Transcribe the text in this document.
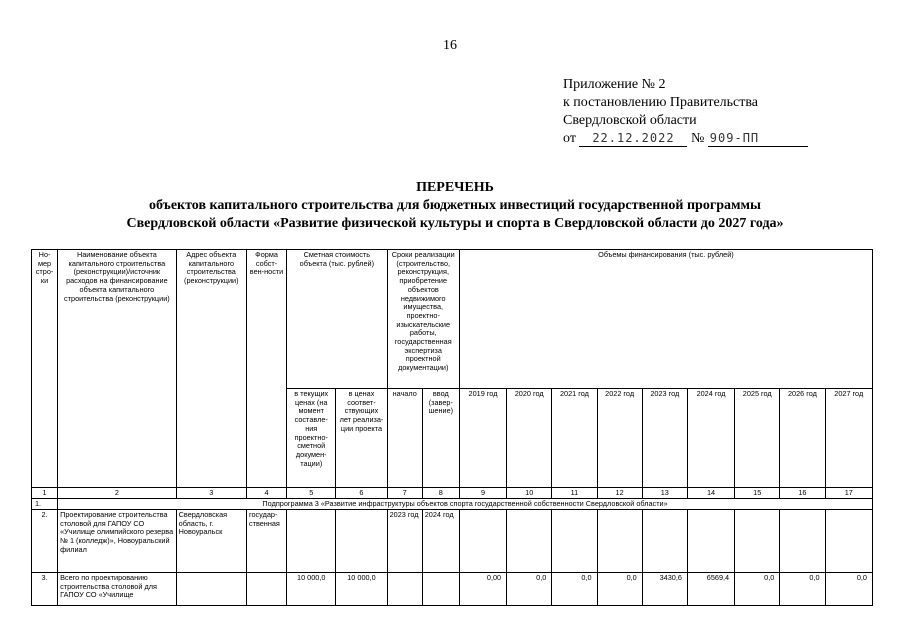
16
Приложение № 2
к постановлению Правительства
Свердловской области
от 22.12.2022 № 909-ПП
ПЕРЕЧЕНЬ
объектов капитального строительства для бюджетных инвестиций государственной программы
Свердловской области «Развитие физической культуры и спорта в Свердловской области до 2027 года»
Но-мер стро-ки	Наименование объекта капитального строительства (реконструкции)/источник расходов на финансирование объекта капитального строительства (реконструкции)	Адрес объекта капитального строительства (реконструкции)	Форма собст-вен-ности	Сметная стоимость объекта (тыс. рублей)		Сроки реализации (строительство, реконструкция, приобретение объектов недвижимого имущества, проектно-изыскательские работы, государственная экспертиза проектной документации)		Объемы финансирования (тыс. рублей)								
				в текущих ценах (на момент составле-ния проектно-сметной докумен-тации)	в ценах соответ-ствующих лет реализа-ции проекта	начало	ввод (завер-шение)	2019 год	2020 год	2021 год	2022 год	2023 год	2024 год	2025 год	2026 год	2027 год
1	2	3	4	5	6	7	8	9	10	11	12	13	14	15	16	17
1.	Подпрограмма 3 «Развитие инфраструктуры объектов спорта государственной собственности Свердловской области»															
2.	Проектирование строительства столовой для ГАПОУ СО «Училище олимпийского резерва № 1 (колледж)», Новоуральский филиал	Свердловская область, г. Новоуральск	государ-ственная			2023 год	2024 год									
3.	Всего по проектированию строительства столовой для ГАПОУ СО «Училище			10 000,0	10 000,0			0,00	0,0	0,0	0,0	3430,6	6569,4	0,0	0,0	0,0
